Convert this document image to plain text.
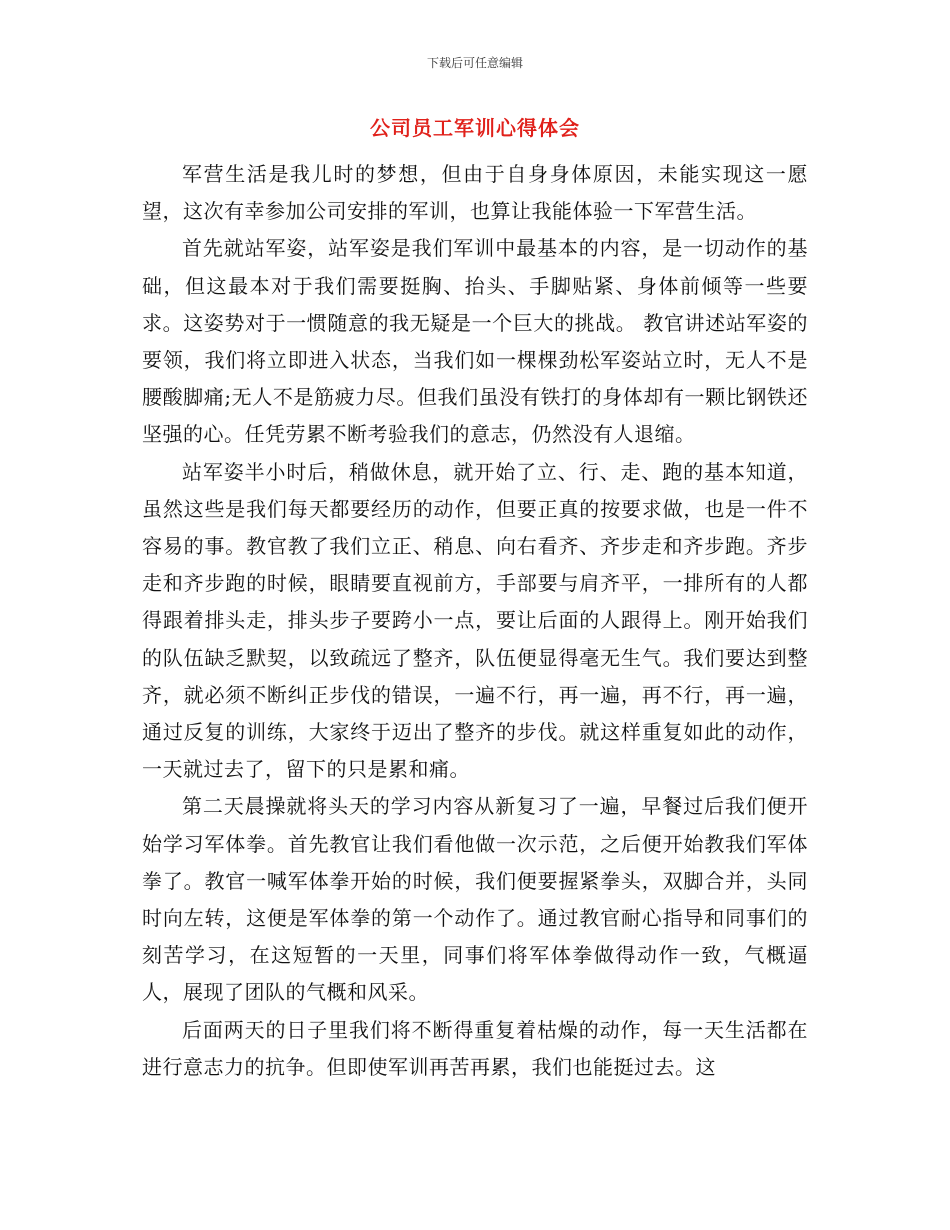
下载后可任意编辑
公司员工军训心得体会

军营生活是我儿时的梦想，但由于自身身体原因，未能实现这一愿望，这次有幸参加公司安排的军训，也算让我能体验一下军营生活。

首先就站军姿，站军姿是我们军训中最基本的内容，是一切动作的基础，但这最本对于我们需要挺胸、抬头、手脚贴紧、身体前倾等一些要求。这姿势对于一惯随意的我无疑是一个巨大的挑战。 教官讲述站军姿的要领，我们将立即进入状态，当我们如一棵棵劲松军姿站立时，无人不是腰酸脚痛;无人不是筋疲力尽。但我们虽没有铁打的身体却有一颗比钢铁还坚强的心。任凭劳累不断考验我们的意志，仍然没有人退缩。

站军姿半小时后，稍做休息，就开始了立、行、走、跑的基本知道，虽然这些是我们每天都要经历的动作，但要正真的按要求做，也是一件不容易的事。教官教了我们立正、稍息、向右看齐、齐步走和齐步跑。齐步走和齐步跑的时候，眼睛要直视前方，手部要与肩齐平，一排所有的人都得跟着排头走，排头步子要跨小一点，要让后面的人跟得上。刚开始我们的队伍缺乏默契，以致疏远了整齐，队伍便显得毫无生气。我们要达到整齐，就必须不断纠正步伐的错误，一遍不行，再一遍，再不行，再一遍，通过反复的训练，大家终于迈出了整齐的步伐。就这样重复如此的动作，一天就过去了，留下的只是累和痛。

第二天晨操就将头天的学习内容从新复习了一遍，早餐过后我们便开始学习军体拳。首先教官让我们看他做一次示范，之后便开始教我们军体拳了。教官一喊军体拳开始的时候，我们便要握紧拳头，双脚合并，头同时向左转，这便是军体拳的第一个动作了。通过教官耐心指导和同事们的刻苦学习，在这短暂的一天里，同事们将军体拳做得动作一致，气概逼人，展现了团队的气概和风采。

后面两天的日子里我们将不断得重复着枯燥的动作，每一天生活都在进行意志力的抗争。但即使军训再苦再累，我们也能挺过去。这
